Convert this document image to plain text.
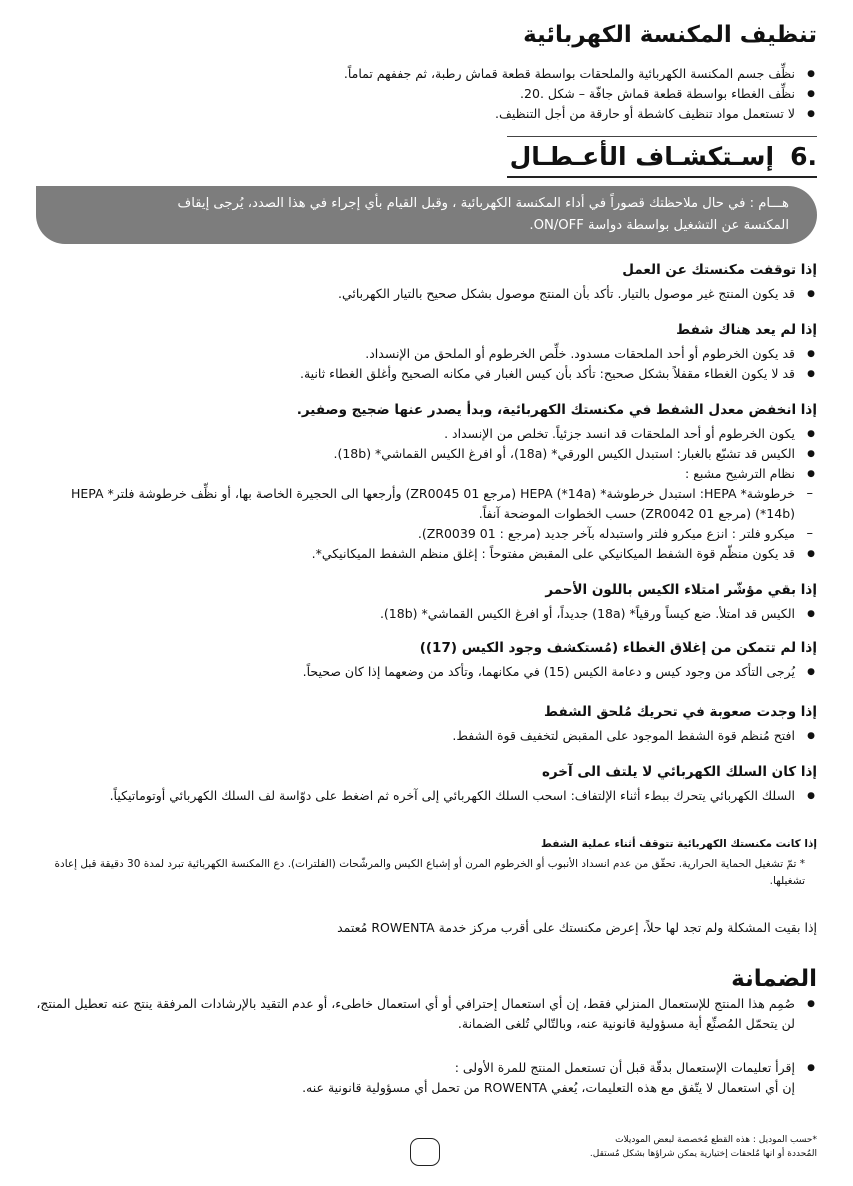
تنظيف المكنسة الكهربائية
● نظِّف جسم المكنسة الكهربائية والملحقات بواسطة قطعة قماش رطبة، ثم جففهم تماماً.
● نظِّف الغطاء بواسطة قطعة قماش جافّة – شكل .20.
● لا تستعمل مواد تنظيف كاشطة أو حارقة من أجل التنظيف.
.6
إسـتكشـاف الأعـطـال
هـــام : في حال ملاحظتك قصوراً في أداء المكنسة الكهربائية ، وقبل القيام بأي إجراء في هذا الصدد، يُرجى إيقاف
المكنسة عن التشغيل بواسطة دواسة ON/OFF.
إذا توقفت مكنستك عن العمل
● قد يكون المنتج غير موصول بالتيار. تأكد بأن المنتج موصول بشكل صحيح بالتيار الكهربائي.
إذا لم يعد هناك شفط
● قد يكون الخرطوم أو أحد الملحقات مسدود. خلِّص الخرطوم أو الملحق من الإنسداد.
● قد لا يكون الغطاء مقفلاً بشكل صحيح: تأكد بأن كيس الغبار في مكانه الصحيح وأغلق الغطاء ثانية.
إذا انخفض معدل الشفط في مكنستك الكهربائية، وبدأ يصدر عنها ضجيج وصفير.
● يكون الخرطوم أو أحد الملحقات قد انسد جزئياً. تخلص من الإنسداد .
● الكيس قد تشبّع بالغبار: استبدل الكيس الورقي* (18a)، أو افرغ الكيس القماشي* (18b).
● نظام الترشيح مشبع :
– خرطوشة* HEPA: استبدل خرطوشة* HEPA (*14a) (مرجع ZR0045 01) وأرجعها الى الحجيرة الخاصة بها، أو نظِّف خرطوشة فلتر* HEPA (*14b) (مرجع ZR0042 01) حسب الخطوات الموضحة آنفاً.
– ميكرو فلتر : انزع ميكرو فلتر واستبدله بآخر جديد (مرجع : ZR0039 01).
● قد يكون منظّم قوة الشفط الميكانيكي على المقبض مفتوحاً : إغلق منظم الشفط الميكانيكي*.
إذا بقي مؤشّر امتلاء الكيس باللون الأحمر
● الكيس قد امتلأ. ضع كيساً ورقياً* (18a) جديداً، أو افرغ الكيس القماشي* (18b).
إذا لم تتمكن من إغلاق الغطاء (مُستكشف وجود الكيس (17))
● يُرجى التأكد من وجود كيس و دعامة الكيس (15) في مكانهما، وتأكد من وضعهما إذا كان صحيحاً.
إذا وجدت صعوبة في تحريك مُلحق الشفط
● افتح مُنظم قوة الشفط الموجود على المقبض لتخفيف قوة الشفط.
إذا كان السلك الكهربائي لا يلتف الى آخره
● السلك الكهربائي يتحرك ببطء أثناء الإلتفاف: اسحب السلك الكهربائي إلى آخره ثم اضغط على دوّاسة لف السلك الكهربائي أوتوماتيكياً.
إذا كانت مكنستك الكهربائية تتوقف أثناء عملية الشفط
* تمّ تشغيل الحماية الحرارية. تحقّق من عدم انسداد الأنبوب أو الخرطوم المرن أو إشباع الكيس والمرشّحات (الفلترات). دع االمكنسة الكهربائية تبرد لمدة 30 دقيقة قبل إعادة تشغيلها.
إذا بقيت المشكلة ولم تجد لها حلاً، إعرض مكنستك على أقرب مركز خدمة ROWENTA مُعتمد
الضمانة
● صُمِم هذا المنتج للإستعمال المنزلي فقط، إن أي استعمال إحترافي أو أي استعمال خاطىء، أو عدم التقيد بالإرشادات المرفقة ينتج عنه تعطيل المنتج، لن يتحمّل المُصنِّع أية مسؤولية قانونية عنه، وبالتّالي تُلغى الضمانة.
● إقرأ تعليمات الإستعمال بدقّة قبل أن تستعمل المنتج للمرة الأولى :
إن أي استعمال لا يتّفق مع هذه التعليمات، يُعفي ROWENTA من تحمل أي مسؤولية قانونية عنه.
*حسب الموديل : هذه القطع مُخصصة لبعض الموديلات
المُحددة أو انها مُلحقات إختيارية يمكن شراؤها بشكل مُستقل.
